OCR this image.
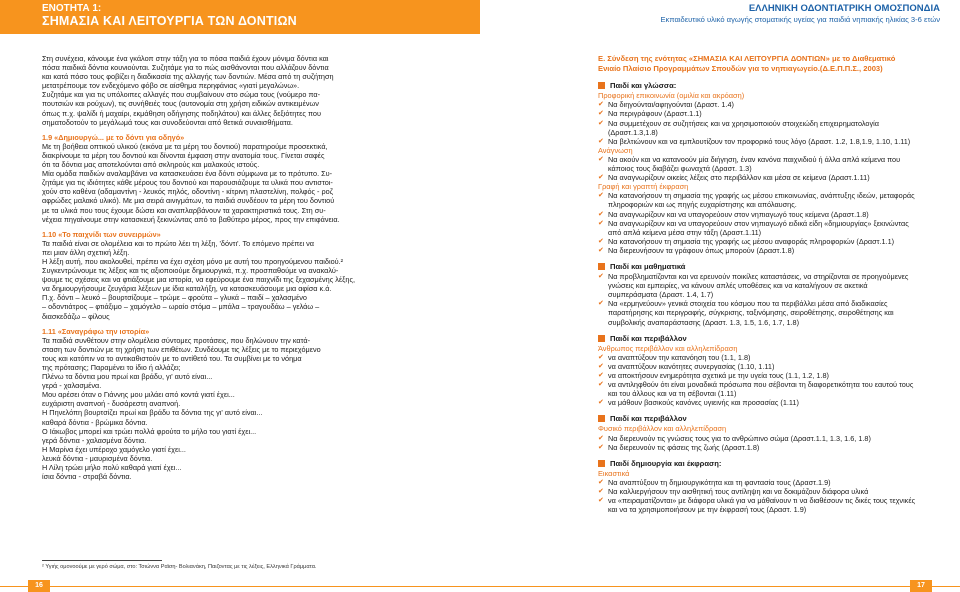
ΕΝΟΤΗΤΑ 1:
ΣΗΜΑΣΙΑ ΚΑΙ ΛΕΙΤΟΥΡΓΙΑ ΤΩΝ ΔΟΝΤΙΩΝ
ΕΛΛΗΝΙΚΗ ΟΔΟΝΤΙΑΤΡΙΚΗ ΟΜΟΣΠΟΝΔΙΑ
Εκπαιδευτικό υλικό αγωγής στοματικής υγείας για παιδιά νηπιακής ηλικίας 3-6 ετών

Στη συνέχεια, κάνουμε ένα γκάλοπ στην τάξη για το πόσα παιδιά έχουν μόνιμα δόντια και

πόσα παιδικά δόντια κουνιούνται. Συζητάμε για το πώς αισθάνονται που αλλάζουν δόντια

και κατά πόσο τους φοβίζει η διαδικασία της αλλαγής των δοντιών. Μέσα από τη συζήτηση

μετατρέπουμε τον ενδεχόμενο φόβο σε αίσθημα περηφάνιας «γιατί μεγαλώνω».

Συζητάμε και για τις υπόλοιπες αλλαγές που συμβαίνουν στο σώμα τους (νούμερο πα-

πουτσιών και ρούχων), τις συνήθειές τους (αυτονομία στη χρήση ειδικών αντικειμένων

όπως π.χ. ψαλίδι ή μαχαίρι, εκμάθηση οδήγησης ποδηλάτου) και άλλες δεξιότητες που

σηματοδοτούν το μεγάλωμά τους και συνοδεύονται από θετικά συναισθήματα.

1.9 «Δημιουργώ... με το δόντι για οδηγό»

Με τη βοήθεια οπτικού υλικού (εικόνα με τα μέρη του δοντιού) παρατηρούμε προσεκτικά,

διακρίνουμε τα μέρη του δοντιού και δίνονται έμφαση στην ανατομία τους. Γίνεται σαφές

ότι τα δόντια μας αποτελούνται από σκληρούς και μαλακούς ιστούς.

Μία ομάδα παιδιών αναλαμβάνει να κατασκευάσει ένα δόντι σύμφωνα με το πρότυπο. Συ-

ζητάμε για τις ιδιότητες κάθε μέρους του δοντιού και παρουσιάζουμε τα υλικά που αντιστοι-

χούν στο καθένα (αδαμαντίνη - λευκός πηλός, οδοντίνη - κίτρινη πλαστελίνη, πολφός - ροζ

αφρώδες μαλακό υλικό). Με μια σειρά αινιγμάτων, τα παιδιά συνδέουν τα μέρη του δοντιού

με τα υλικά που τους έχουμε δώσει και αναπλαρβάνουν τα χαρακτηριστικά τους. Στη συ-

νέχεια πηγαίνουμε στην κατασκευή ξεκινώντας από το βαθύτερο μέρος, προς την επιφάνεια.

1.10 «Το παιχνίδι των συνειρμών»

Τα παιδιά είναι σε ολομέλεια και το πρώτο λέει τη λέξη, 'δόντι'. Το επόμενο πρέπει να

πει μιαν άλλη σχετική λέξη.

Η λέξη αυτή, που ακολουθεί, πρέπει να έχει σχέση μόνο με αυτή του προηγούμενου παιδιού.²

Συγκεντρώνουμε τις λέξεις και τις αξιοποιούμε δημιουργικά, π.χ. προσπαθούμε να ανακαλύ-

ψουμε τις σχέσεις και να φτιάξουμε μια ιστορία, να εφεύρουμε ένα παιχνίδι της ξεχασμένης λέξης,

να δημιουργήσουμε ζευγάρια λέξεων με ίδια καταλήξη, να κατασκευάσουμε μια αφίσα κ.ά.

Π.χ. δόντι – λευκό – βουρτσίζουμε – τρώμε – φρούτα – γλυκά – παιδί – χαλασμένο

– οδοντιάτρος – φτιάξιμο – χαμόγελο – ωραίο στόμα – μπάλα – τραγουδάω – γελάω –

διασκεδάζω – φίλους

1.11 «Σαναγράφω την ιστορία»

Τα παιδιά συνθέτουν στην ολομέλεια σύντομες προτάσεις, που δηλώνουν την κατά-

σταση των δοντιών με τη χρήση των επιθέτων. Συνδέουμε τις λέξεις με το περιεχόμενο

τους και κατόπιν να το αντικαθιστούν με το αντίθετό του. Τα συμβίνει με το νόημα

της πρότασης; Παραμένει το ίδιο ή αλλάζει;

Πλένω τα δόντια μου πρωί και βράδυ, γι' αυτό είναι...

γερά - χαλασμένα.

Μου αρέσει όταν ο Γιάννης μου μιλάει από κοντά γιατί έχει...

ευχάριστη αναπνοή - δυσάρεστη αναπνοή.

Η Πηνελόπη βουρτσίζει πρωί και βράδυ τα δόντια της γι' αυτό είναι...

καθαρά δόντια - βρώμικα δόντια.

Ο Ιάκωβος μπορεί και τρώει πολλά φρούτα το μήλο του γιατί έχει...

γερά δόντια - χαλασμένα δόντια.

Η Μαρίνα έχει υπέροχο χαμόγελο γιατί έχει...

λευκά δόντια - μαυρισμένα δόντια.

Η Λίλη τρώει μήλο πολύ καθαρά γιατί έχει...

ίσια δόντια - στραβά δόντια.

Ε. Σύνδεση της ενότητας «ΣΗΜΑΣΙΑ ΚΑΙ ΛΕΙΤΟΥΡΓΙΑ ΔΟΝΤΙΩΝ» με το Διαθεματικό Ενιαίο Πλαίσιο Προγραμμάτων Σπουδών για το νηπιαγωγείο.(Δ.Ε.Π.Π.Σ., 2003)
Παιδί και γλώσσα:
Προφορική επικοινωνία (ομιλία και ακρόαση)
✔ Να διηγούνται/αφηγούνται (Δραστ. 1.4)
✔ Να περιγράφουν (Δραστ.1.1)
✔ Να συμμετέχουν σε συζητήσεις και να χρησιμοποιούν στοιχειώδη επιχειρηματολογία (Δραστ.1.3,1.8)
✔ Να βελτιώνουν και να εμπλουτίζουν τον προφορικό τους λόγο (Δραστ. 1.2, 1.8,1.9, 1.10, 1.11)
Ανάγνωση
✔ Να ακούν και να κατανοούν μία διήγηση, έναν κανόνα παιχνιδιού ή άλλα απλά κείμενα που κάποιος τους διαβάζει φωναχτά (Δραστ. 1.3)
✔ Να αναγνωρίζουν οικείες λέξεις στο περιβάλλον και μέσα σε κείμενα (Δραστ.1.11)
Γραφή και γραπτή έκφραση
✔ Να κατανοήσουν τη σημασία της γραφής ως μέσου επικοινωνίας, ανάπτυξης ιδεών, μεταφοράς πληροφοριών και ως πηγής ευχαρίστησης και απόλαυσης.
✔ Να αναγνωρίζουν και να υπαγορεύουν στον νηπιαγωγό τους κείμενα (Δραστ.1.8)
✔ Να αναγνωρίζουν και να υπαγορεύουν στον νηπιαγωγό ειδικά είδη «δημιουργίας» ξεκινώντας από απλά κείμενα μέσα στην τάξη (Δραστ.1.11)
✔ Να κατανοήσουν τη σημασία της γραφής ως μέσου αναφοράς πληροφοριών (Δραστ.1.1)
✔ Να διερευνήσουν τα γράφουν όπως μπορούν (Δραστ.1.8)
Παιδί και μαθηματικά
✔ Να προβληματίζονται και να ερευνούν ποικίλες καταστάσεις, να στηρίζονται σε προηγούμενες γνώσεις και εμπειρίες, να κάνουν απλές υποθέσεις και να καταλήγουν σε ακετικά συμπεράσματα (Δραστ. 1.4, 1.7)
✔ Να «ερμηνεύουν» γενικά στοιχεία του κόσμου που τα περιβάλλει μέσα από διαδικασίες παρατήρησης και περιγραφής, σύγκρισης, ταξινόμησης, σειροθέτησης, σειροθέτησης και συμβολικής αναπαράστασης (Δραστ. 1.3, 1.5, 1.6, 1.7, 1.8)
Παιδί και περιβάλλον
Άνθρωπος περιβάλλον και αλληλεπίδραση
✔ να αναπτύξουν την κατανόηση του (1.1, 1.8)
✔ να αναπτύξουν ικανότητες συνεργασίας (1.10, 1.11)
✔ να αποκτήσουν ενημερότητα σχετικά με την υγεία τους (1.1, 1.2, 1.8)
✔ να αντιληφθούν ότι είναι μοναδικά πρόσωπα που σέβονται τη διαφορετικότητα του εαυτού τους και του άλλους και να τη σέβονται (1.11)
✔ να μάθουν βασικούς κανόνες υγιεινής και προσασίας (1.11)
Παιδί και περιβάλλον
Φυσικό περιβάλλον και αλληλεπίδραση
✔ Να διερευνούν τις γνώσεις τους για το ανθρώπινο σώμα (Δραστ.1.1, 1.3, 1.6, 1.8)
✔ Να διερευνούν τις φάσεις της ζωής (Δραστ.1.8)
Παιδί δημιουργία και έκφραση:
Εικαστικά
✔ Να αναπτύξουν τη δημιουργικότητα και τη φαντασία τους (Δραστ.1.9)
✔ Να καλλιεργήσουν την αισθητική τους αντίληψη και να δοκιμάζουν διάφορα υλικά
✔ να «πειραματίζονται» με διάφορα υλικά για να μάθαίνουν τι να διαθέσουν τις δικές τους τεχνικές και να τα χρησιμοποιήσουν με την έκφρασή τους (Δραστ. 1.9)
² Υγιής ομονοούμε με γερό σώμα, στο: Τσιώννα Ραϊση- Βολιανάκη, Παιζοντας με τις λέξεις, Ελληνικά Γράμματα.
16	17
